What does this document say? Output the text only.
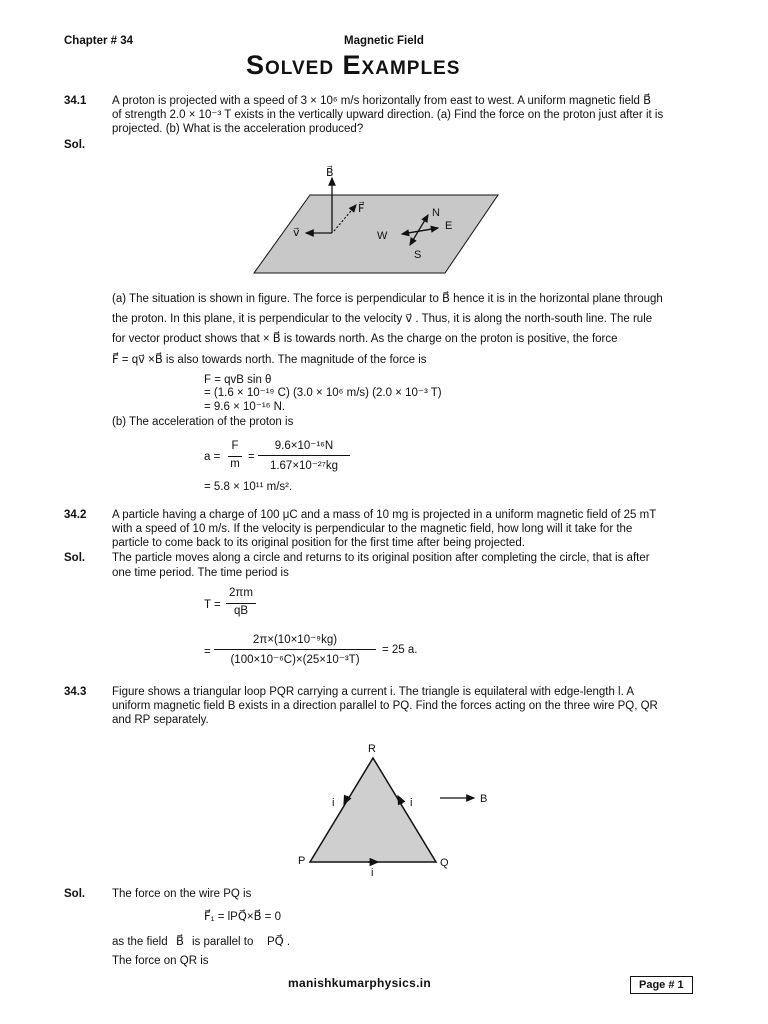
Chapter # 34	Magnetic Field
Solved Examples
34.1 A proton is projected with a speed of 3 × 10⁶ m/s horizontally from east to west. A uniform magnetic field B⃗
of strength 2.0 × 10⁻³ T exists in the vertically upward direction. (a) Find the force on the proton just after it is
projected. (b) What is the acceleration produced?
Sol.
B⃗
v⃗
F⃗	N
E
W
S
(a) The situation is shown in figure. The force is perpendicular to B⃗ hence it is in the horizontal plane through
the proton. In this plane, it is perpendicular to the velocity v⃗ . Thus, it is along the north-south line. The rule
for vector product shows that × B⃗ is towards north. As the charge on the proton is positive, the force
F⃗ = qv⃗ ×B⃗ is also towards north. The magnitude of the force is
F = qvB sin θ
= (1.6 × 10⁻¹⁹ C) (3.0 × 10⁶ m/s) (2.0 × 10⁻³ T)
= 9.6 × 10⁻¹⁶ N.
(b) The acceleration of the proton is
a =
F
m
=
9.6×10⁻¹⁶N
1.67×10⁻²⁷kg
= 5.8 × 10¹¹ m/s².
34.2 A particle having a charge of 100 μC and a mass of 10 mg is projected in a uniform magnetic field of 25 mT
with a speed of 10 m/s. If the velocity is perpendicular to the magnetic field, how long will it take for the
particle to come back to its original position for the first time after being projected.
Sol. The particle moves along a circle and returns to its original position after completing the circle, that is after
one time period. The time period is
T =
2πm
qB
=
2π×(10×10⁻⁹kg)
(100×10⁻⁶C)×(25×10⁻³T)
= 25 a.
34.3 Figure shows a triangular loop PQR carrying a current i. The triangle is equilateral with edge-length l. A
uniform magnetic field B exists in a direction parallel to PQ. Find the forces acting on the three wire PQ, QR
and RP separately.
R
P	Q
i	i
i
B
Sol. The force on the wire PQ is
F⃗₁ = lPQ⃗×B⃗ = 0
as the field B⃗ is parallel to PQ⃗ .
The force on QR is
manishkumarphysics.in	Page # 1
